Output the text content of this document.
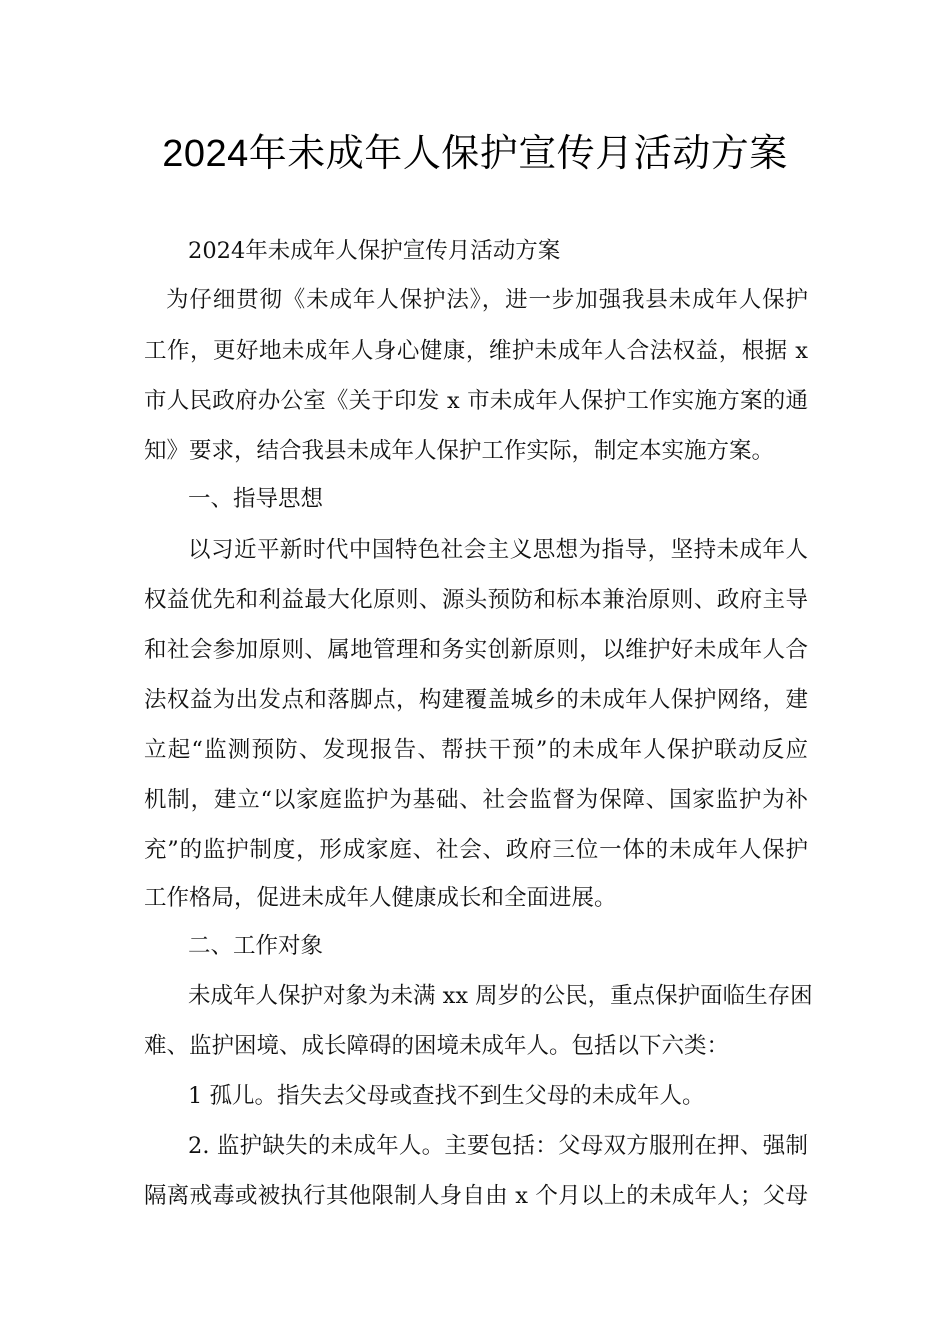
2024年未成年人保护宣传月活动方案
2024年未成年人保护宣传月活动方案
为仔细贯彻《未成年人保护法》，进一步加强我县未成年人保护
工作，更好地未成年人身心健康，维护未成年人合法权益，根据 x
市人民政府办公室《关于印发 x 市未成年人保护工作实施方案的通
知》要求，结合我县未成年人保护工作实际，制定本实施方案。
一、指导思想
以习近平新时代中国特色社会主义思想为指导，坚持未成年人
权益优先和利益最大化原则、源头预防和标本兼治原则、政府主导
和社会参加原则、属地管理和务实创新原则，以维护好未成年人合
法权益为出发点和落脚点，构建覆盖城乡的未成年人保护网络，建
立起“监测预防、发现报告、帮扶干预”的未成年人保护联动反应
机制，建立“以家庭监护为基础、社会监督为保障、国家监护为补
充”的监护制度，形成家庭、社会、政府三位一体的未成年人保护
工作格局，促进未成年人健康成长和全面进展。
二、工作对象
未成年人保护对象为未满 xx 周岁的公民，重点保护面临生存困
难、监护困境、成长障碍的困境未成年人。包括以下六类：
1 孤儿。指失去父母或查找不到生父母的未成年人。
2. 监护缺失的未成年人。主要包括：父母双方服刑在押、强制
隔离戒毒或被执行其他限制人身自由 x 个月以上的未成年人；父母
